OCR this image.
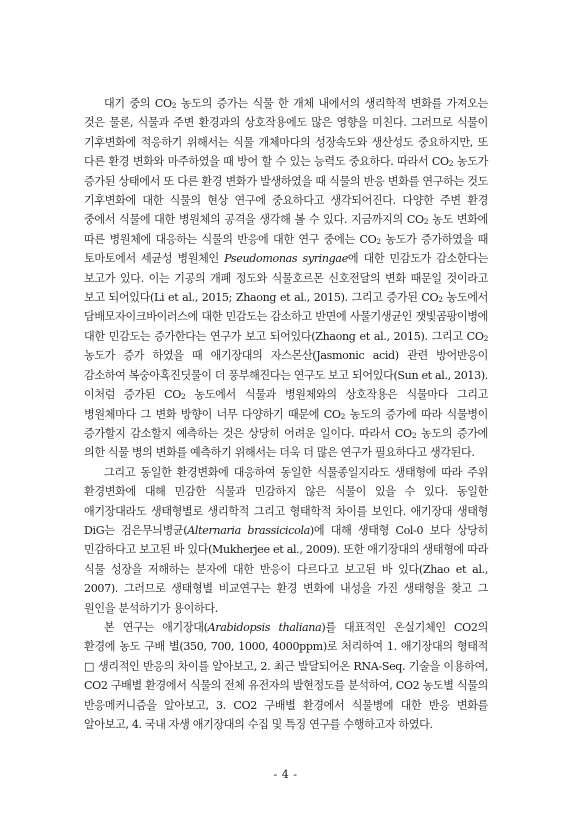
대기 중의 $CO_2$ 농도의 증가는 식물 한 개체 내에서의 생리학적 변화를 가져오는 것은 물론, 식물과 주변 환경과의 상호작용에도 많은 영향을 미친다. 그러므로 식물이 기후변화에 적응하기 위해서는 식물 개체마다의 성장속도와 생산성도 중요하지만, 또 다른 환경 변화와 마주하였을 때 방어 할 수 있는 능력도 중요하다. 따라서 $CO_2$ 농도가 증가된 상태에서 또 다른 환경 변화가 발생하였을 때 식물의 반응 변화를 연구하는 것도 기후변화에 대한 식물의 현상 연구에 중요하다고 생각되어진다. 다양한 주변 환경 중에서 식물에 대한 병원체의 공격을 생각해 볼 수 있다. 지금까지의 $CO_2$ 농도 변화에 따른 병원체에 대응하는 식물의 반응에 대한 연구 중에는 $CO_2$ 농도가 증가하였을 때 토마토에서 세균성 병원체인 Pseudomonas syringae에 대한 민감도가 감소한다는 보고가 있다. 이는 기공의 개폐 정도와 식물호르몬 신호전달의 변화 때문일 것이라고 보고 되어있다(Li et al., 2015; Zhaong et al., 2015). 그리고 증가된 $CO_2$ 농도에서 담배모자이크바이러스에 대한 민감도는 감소하고 반면에 사물기생균인 잿빛곰팡이병에 대한 민감도는 증가한다는 연구가 보고 되어있다(Zhaong et al., 2015). 그리고 $CO_2$ 농도가 증가 하였을 때 애기장대의 자스몬산(Jasmonic acid) 관련 방어반응이 감소하여 복숭아혹진딧물이 더 풍부해진다는 연구도 보고 되어있다(Sun et al., 2013). 이처럼 증가된 $CO_2$ 농도에서 식물과 병원체와의 상호작용은 식물마다 그리고 병원체마다 그 변화 방향이 너무 다양하기 때문에 $CO_2$ 농도의 증가에 따라 식물병이 증가할지 감소할지 예측하는 것은 상당히 어려운 일이다. 따라서 $CO_2$ 농도의 증가에 의한 식물 병의 변화를 예측하기 위해서는 더욱 더 많은 연구가 필요하다고 생각된다.

그리고 동일한 환경변화에 대응하여 동일한 식물종일지라도 생태형에 따라 주위 환경변화에 대해 민감한 식물과 민감하지 않은 식물이 있을 수 있다. 동일한 애기장대라도 생태형별로 생리학적 그리고 형태학적 차이를 보인다. 애기장대 생태형 DiG는 검은무늬병균(Alternaria brassicicola)에 대해 생태형 Col-0 보다 상당히 민감하다고 보고된 바 있다(Mukherjee et al., 2009). 또한 애기장대의 생태형에 따라 식물 성장을 저해하는 분자에 대한 반응이 다르다고 보고된 바 있다(Zhao et al., 2007). 그러므로 생태형별 비교연구는 환경 변화에 내성을 가진 생태형을 찾고 그 원인을 분석하기가 용이하다.

본 연구는 애기장대(Arabidopsis thaliana)를 대표적인 온실기체인 CO2의 환경에 농도 구배 별(350, 700, 1000, 4000ppm)로 처리하여 1. 애기장대의 형태적□ 생리적인 반응의 차이를 알아보고, 2. 최근 발달되어온 RNA-Seq. 기술을 이용하여, CO2 구배별 환경에서 식물의 전체 유전자의 발현정도를 분석하여, CO2 농도별 식물의 반응메커니즘을 알아보고, 3. CO2 구배별 환경에서 식물병에 대한 반응 변화를 알아보고, 4. 국내 자생 애기장대의 수집 및 특징 연구를 수행하고자 하였다.

- 4 -
